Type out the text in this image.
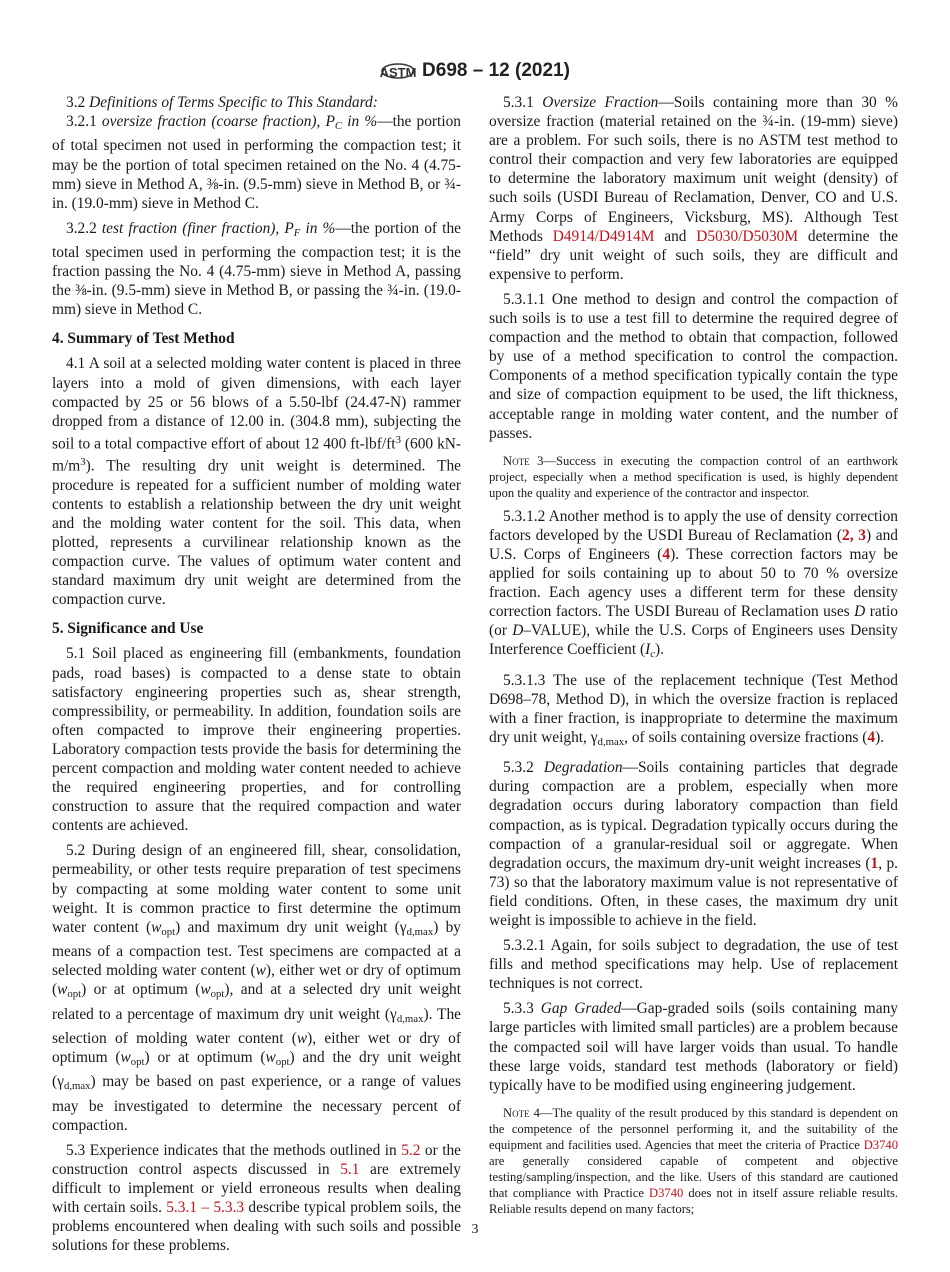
ASTM D698 – 12 (2021)

3.2 Definitions of Terms Specific to This Standard:

3.2.1 oversize fraction (coarse fraction), $P_C$ in %—the portion of total specimen not used in performing the compaction test; it may be the portion of total specimen retained on the No. 4 (4.75-mm) sieve in Method A, ⅜-in. (9.5-mm) sieve in Method B, or ¾-in. (19.0-mm) sieve in Method C.

3.2.2 test fraction (finer fraction), $P_F$ in %—the portion of the total specimen used in performing the compaction test; it is the fraction passing the No. 4 (4.75-mm) sieve in Method A, passing the ⅜-in. (9.5-mm) sieve in Method B, or passing the ¾-in. (19.0-mm) sieve in Method C.

4. Summary of Test Method

4.1 A soil at a selected molding water content is placed in three layers into a mold of given dimensions, with each layer compacted by 25 or 56 blows of a 5.50-lbf (24.47-N) rammer dropped from a distance of 12.00 in. (304.8 mm), subjecting the soil to a total compactive effort of about 12 400 $ft-lbf/ft^3$ (600 $kN-m/m^3$). The resulting dry unit weight is determined. The procedure is repeated for a sufficient number of molding water contents to establish a relationship between the dry unit weight and the molding water content for the soil. This data, when plotted, represents a curvilinear relationship known as the compaction curve. The values of optimum water content and standard maximum dry unit weight are determined from the compaction curve.

5. Significance and Use

5.1 Soil placed as engineering fill (embankments, foundation pads, road bases) is compacted to a dense state to obtain satisfactory engineering properties such as, shear strength, compressibility, or permeability. In addition, foundation soils are often compacted to improve their engineering properties. Laboratory compaction tests provide the basis for determining the percent compaction and molding water content needed to achieve the required engineering properties, and for controlling construction to assure that the required compaction and water contents are achieved.

5.2 During design of an engineered fill, shear, consolidation, permeability, or other tests require preparation of test specimens by compacting at some molding water content to some unit weight. It is common practice to first determine the optimum water content $(w_{opt})$ and maximum dry unit weight $(\gamma_{d,max})$ by means of a compaction test. Test specimens are compacted at a selected molding water content (w), either wet or dry of optimum $(w_{opt})$ or at optimum $(w_{opt})$, and at a selected dry unit weight related to a percentage of maximum dry unit weight $(\gamma_{d,max})$. The selection of molding water content (w), either wet or dry of optimum $(w_{opt})$ or at optimum $(w_{opt})$ and the dry unit weight $(\gamma_{d,max})$ may be based on past experience, or a range of values may be investigated to determine the necessary percent of compaction.

5.3 Experience indicates that the methods outlined in 5.2 or the construction control aspects discussed in 5.1 are extremely difficult to implement or yield erroneous results when dealing with certain soils. 5.3.1 – 5.3.3 describe typical problem soils, the problems encountered when dealing with such soils and possible solutions for these problems.

5.3.1 Oversize Fraction—Soils containing more than 30 % oversize fraction (material retained on the ¾-in. (19-mm) sieve) are a problem. For such soils, there is no ASTM test method to control their compaction and very few laboratories are equipped to determine the laboratory maximum unit weight (density) of such soils (USDI Bureau of Reclamation, Denver, CO and U.S. Army Corps of Engineers, Vicksburg, MS). Although Test Methods D4914/D4914M and D5030/D5030M determine the “field” dry unit weight of such soils, they are difficult and expensive to perform.

5.3.1.1 One method to design and control the compaction of such soils is to use a test fill to determine the required degree of compaction and the method to obtain that compaction, followed by use of a method specification to control the compaction. Components of a method specification typically contain the type and size of compaction equipment to be used, the lift thickness, acceptable range in molding water content, and the number of passes.

Note 3—Success in executing the compaction control of an earthwork project, especially when a method specification is used, is highly dependent upon the quality and experience of the contractor and inspector.

5.3.1.2 Another method is to apply the use of density correction factors developed by the USDI Bureau of Reclamation (2, 3) and U.S. Corps of Engineers (4). These correction factors may be applied for soils containing up to about 50 to 70 % oversize fraction. Each agency uses a different term for these density correction factors. The USDI Bureau of Reclamation uses D ratio (or D–VALUE), while the U.S. Corps of Engineers uses Density Interference Coefficient $(I_c)$.

5.3.1.3 The use of the replacement technique (Test Method D698–78, Method D), in which the oversize fraction is replaced with a finer fraction, is inappropriate to determine the maximum dry unit weight, $\gamma_{d,max}$, of soils containing oversize fractions (4).

5.3.2 Degradation—Soils containing particles that degrade during compaction are a problem, especially when more degradation occurs during laboratory compaction than field compaction, as is typical. Degradation typically occurs during the compaction of a granular-residual soil or aggregate. When degradation occurs, the maximum dry-unit weight increases (1, p. 73) so that the laboratory maximum value is not representative of field conditions. Often, in these cases, the maximum dry unit weight is impossible to achieve in the field.

5.3.2.1 Again, for soils subject to degradation, the use of test fills and method specifications may help. Use of replacement techniques is not correct.

5.3.3 Gap Graded—Gap-graded soils (soils containing many large particles with limited small particles) are a problem because the compacted soil will have larger voids than usual. To handle these large voids, standard test methods (laboratory or field) typically have to be modified using engineering judgement.

Note 4—The quality of the result produced by this standard is dependent on the competence of the personnel performing it, and the suitability of the equipment and facilities used. Agencies that meet the criteria of Practice D3740 are generally considered capable of competent and objective testing/sampling/inspection, and the like. Users of this standard are cautioned that compliance with Practice D3740 does not in itself assure reliable results. Reliable results depend on many factors;

3
